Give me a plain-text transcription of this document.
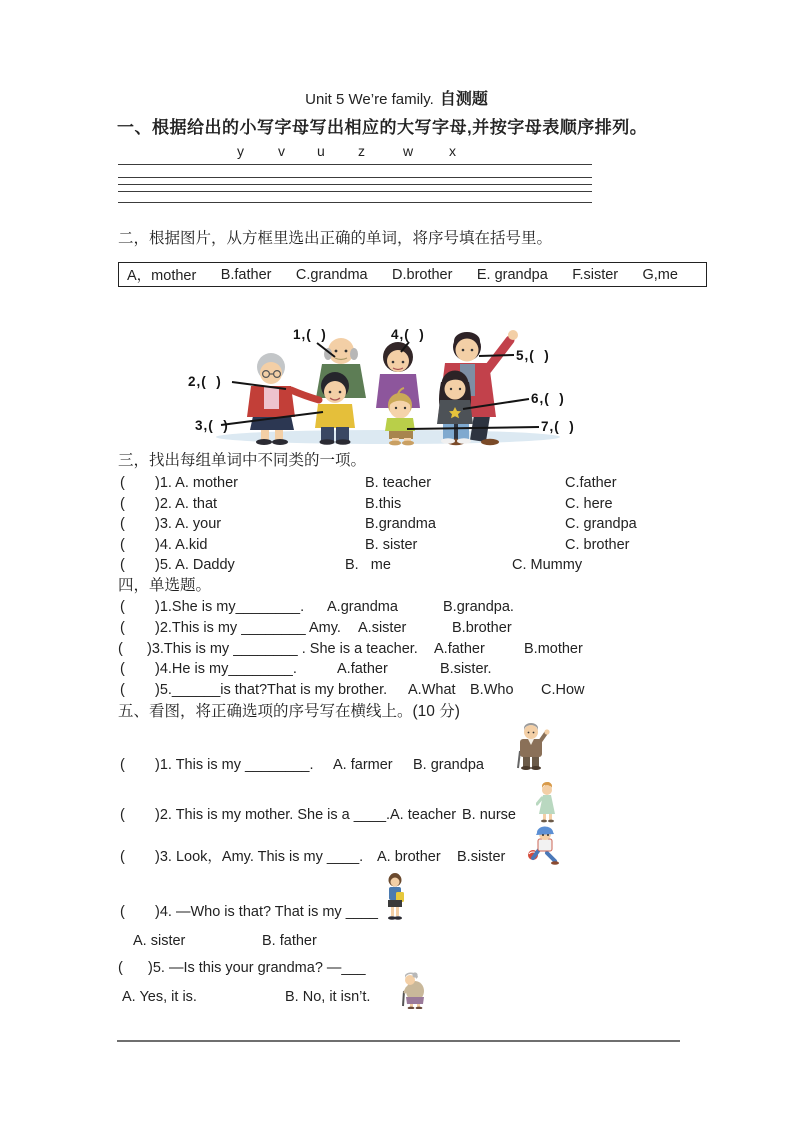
Unit 5 We’re family. 自测题
一、根据给出的小写字母写出相应的大写字母,并按字母表顺序排列。
y v u z	w	x
二，根据图片，从方框里选出正确的单词，将序号填在括号里。
A，mother B.father C.grandma D.brother E. grandpa F.sister G,me
1,(  )	4,(  )
5,(  )
2,(  )
6,(  )
3,(  )	7,(  )
三，找出每组单词中不同类的一项。
( )1. A. mother	B. teacher	C.father
( )2. A. that	B.this	C. here
( )3. A. your	B.grandma	C. grandpa
( )4. A.kid	B. sister	C. brother
( )5. A. Daddy	B.   me	C. Mummy
四，单选题。
( )1.She is my________. A.grandma	B.grandpa.
( )2.This is my ________ Amy. A.sister	B.brother
( )3.This is my ________ . She is a teacher. A.father	B.mother
( )4.He is my________.	A.father	B.sister.
( )5.______is that?That is my brother. A.What B.Who C.How
五、看图，将正确选项的序号写在横线上。(10 分)
( )1. This is my ________. A. farmer B. grandpa
( )2. This is my mother. She is a ____. A. teacher B. nurse
( )3. Look，Amy. This is my ____. A. brother B.sister
( )4. —Who is that? That is my ____
A. sister	B. father
( )5. —Is this your grandma? —___
A. Yes, it is.	B. No, it isn’t.
